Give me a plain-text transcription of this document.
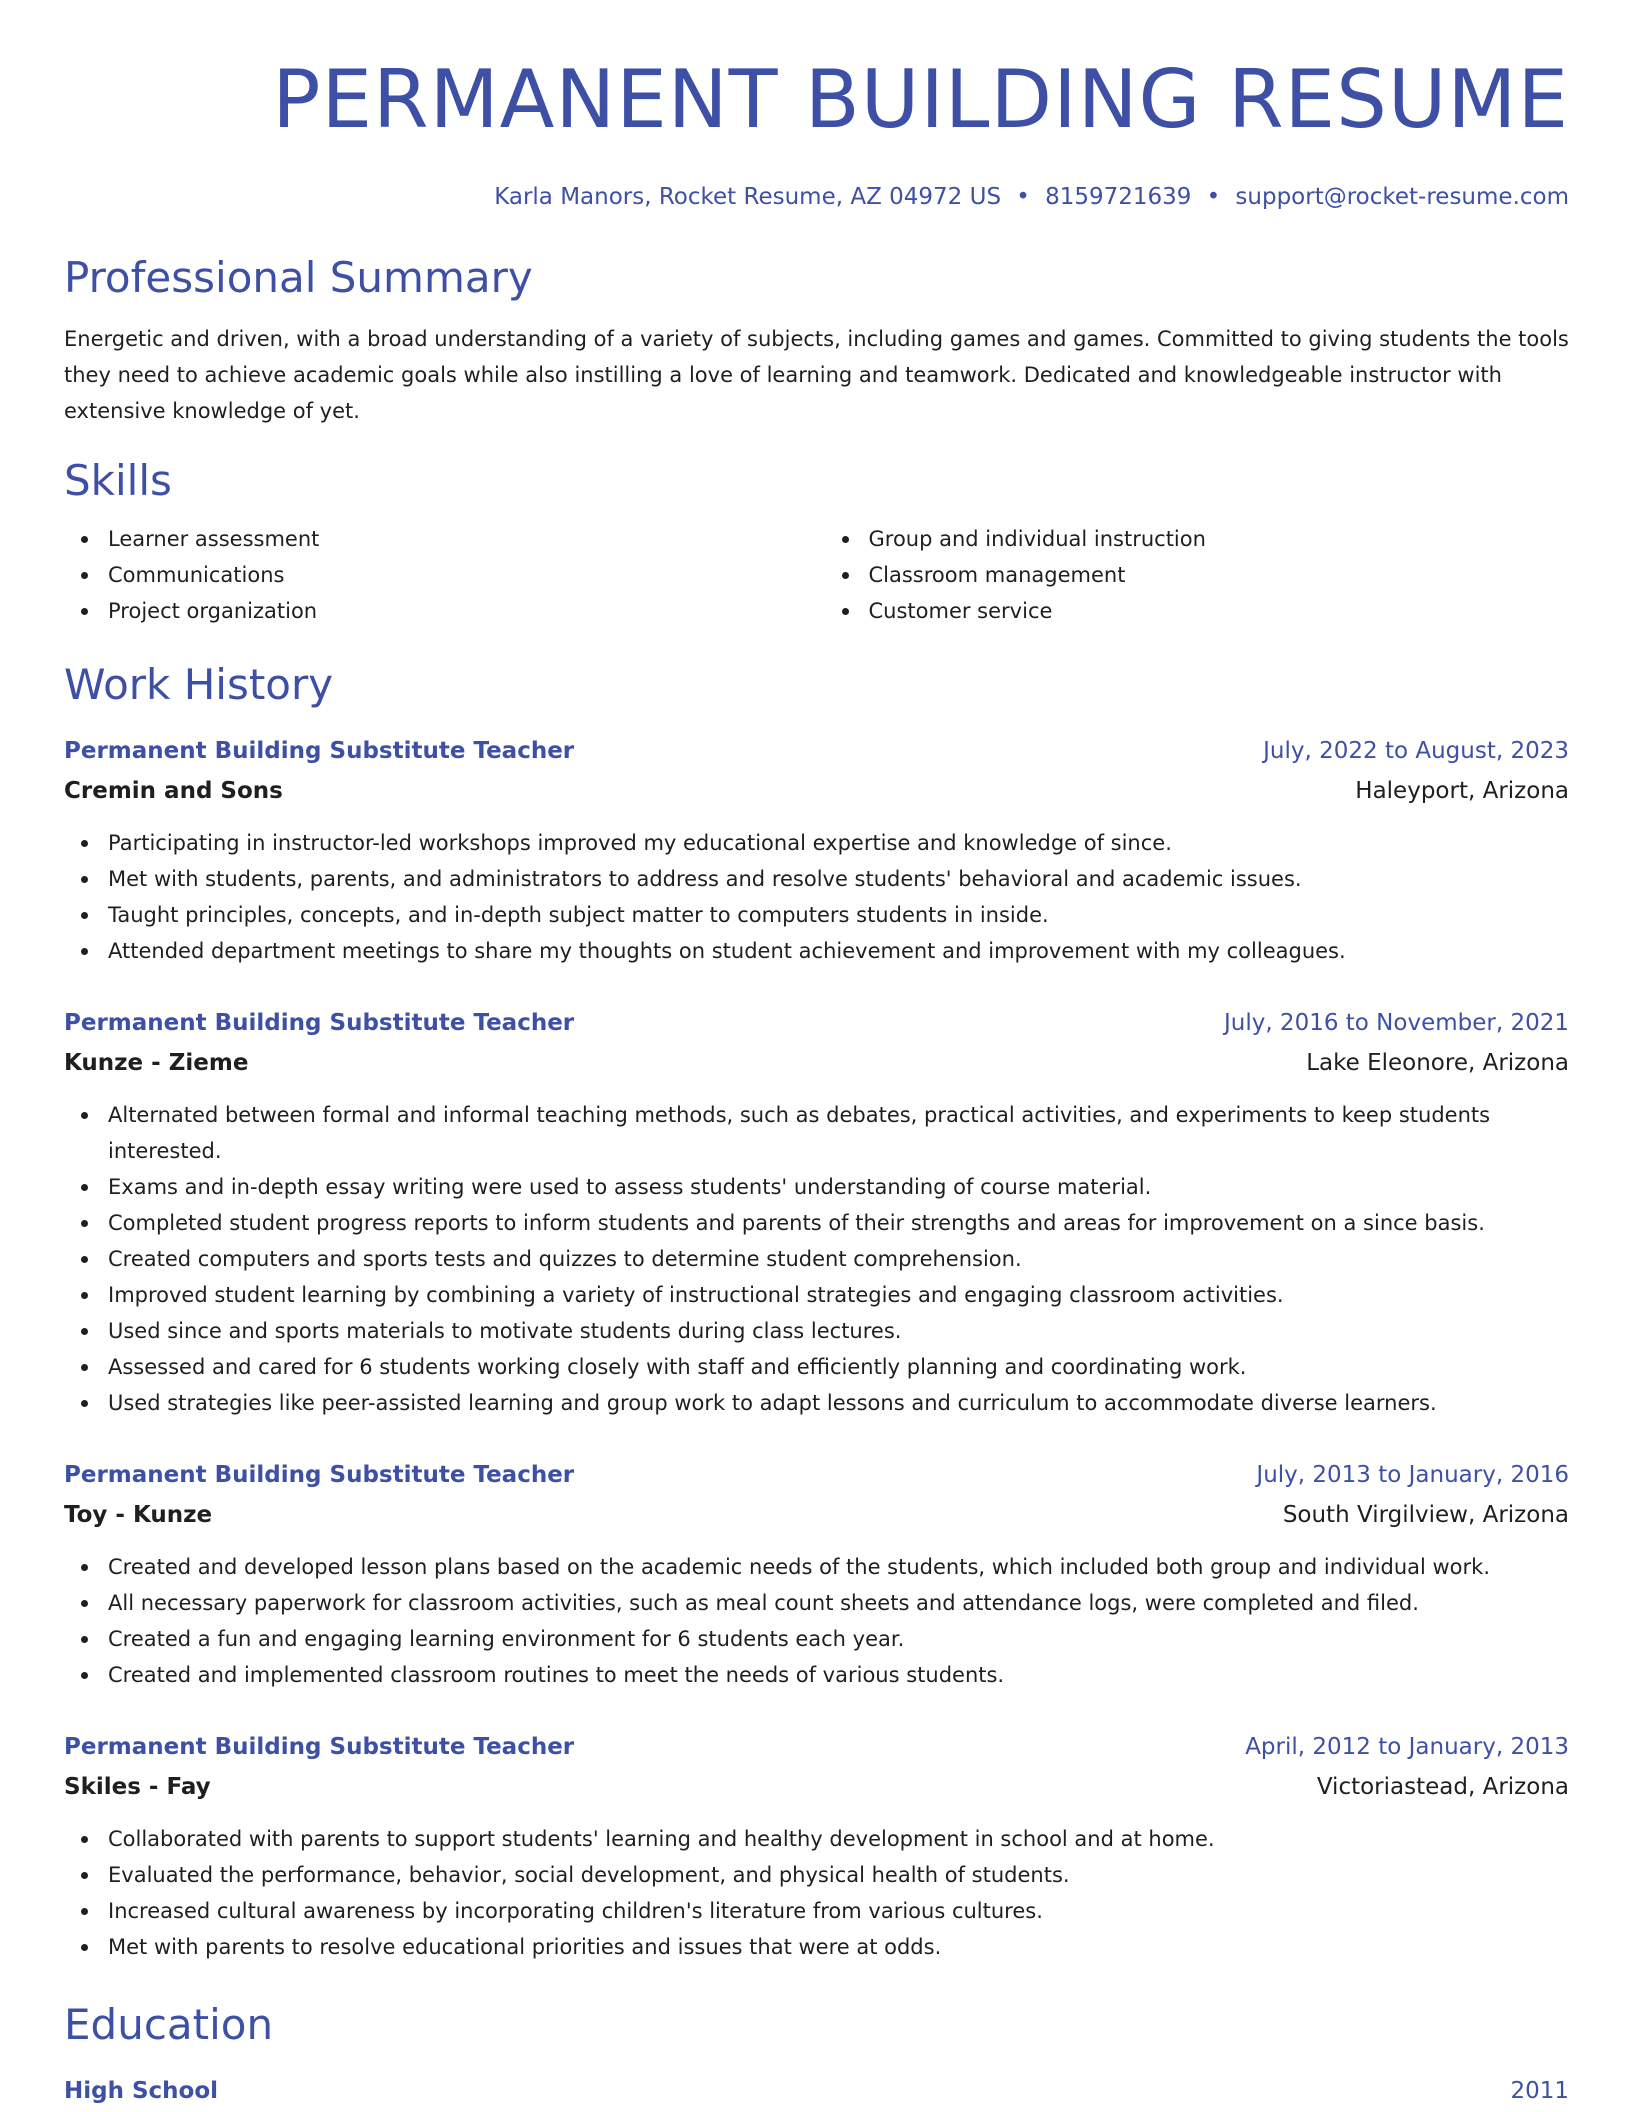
PERMANENT BUILDING RESUME
Karla Manors, Rocket Resume, AZ 04972 US • 8159721639 • support@rocket-resume.com
Professional Summary

Energetic and driven, with a broad understanding of a variety of subjects, including games and games. Committed to giving students the tools they need to achieve academic goals while also instilling a love of learning and teamwork. Dedicated and knowledgeable instructor with extensive knowledge of yet.

Skills
Learner assessment
Communications
Project organization
Group and individual instruction
Classroom management
Customer service
Work History
Permanent Building Substitute Teacher	July, 2022 to August, 2023
Cremin and Sons	Haleyport, Arizona
Participating in instructor-led workshops improved my educational expertise and knowledge of since.
Met with students, parents, and administrators to address and resolve students' behavioral and academic issues.
Taught principles, concepts, and in-depth subject matter to computers students in inside.
Attended department meetings to share my thoughts on student achievement and improvement with my colleagues.
Permanent Building Substitute Teacher	July, 2016 to November, 2021
Kunze - Zieme	Lake Eleonore, Arizona
Alternated between formal and informal teaching methods, such as debates, practical activities, and experiments to keep students interested.
Exams and in-depth essay writing were used to assess students' understanding of course material.
Completed student progress reports to inform students and parents of their strengths and areas for improvement on a since basis.
Created computers and sports tests and quizzes to determine student comprehension.
Improved student learning by combining a variety of instructional strategies and engaging classroom activities.
Used since and sports materials to motivate students during class lectures.
Assessed and cared for 6 students working closely with staff and efficiently planning and coordinating work.
Used strategies like peer-assisted learning and group work to adapt lessons and curriculum to accommodate diverse learners.
Permanent Building Substitute Teacher	July, 2013 to January, 2016
Toy - Kunze	South Virgilview, Arizona
Created and developed lesson plans based on the academic needs of the students, which included both group and individual work.
All necessary paperwork for classroom activities, such as meal count sheets and attendance logs, were completed and filed.
Created a fun and engaging learning environment for 6 students each year.
Created and implemented classroom routines to meet the needs of various students.
Permanent Building Substitute Teacher	April, 2012 to January, 2013
Skiles - Fay	Victoriastead, Arizona
Collaborated with parents to support students' learning and healthy development in school and at home.
Evaluated the performance, behavior, social development, and physical health of students.
Increased cultural awareness by incorporating children's literature from various cultures.
Met with parents to resolve educational priorities and issues that were at odds.
Education
High School	2011
